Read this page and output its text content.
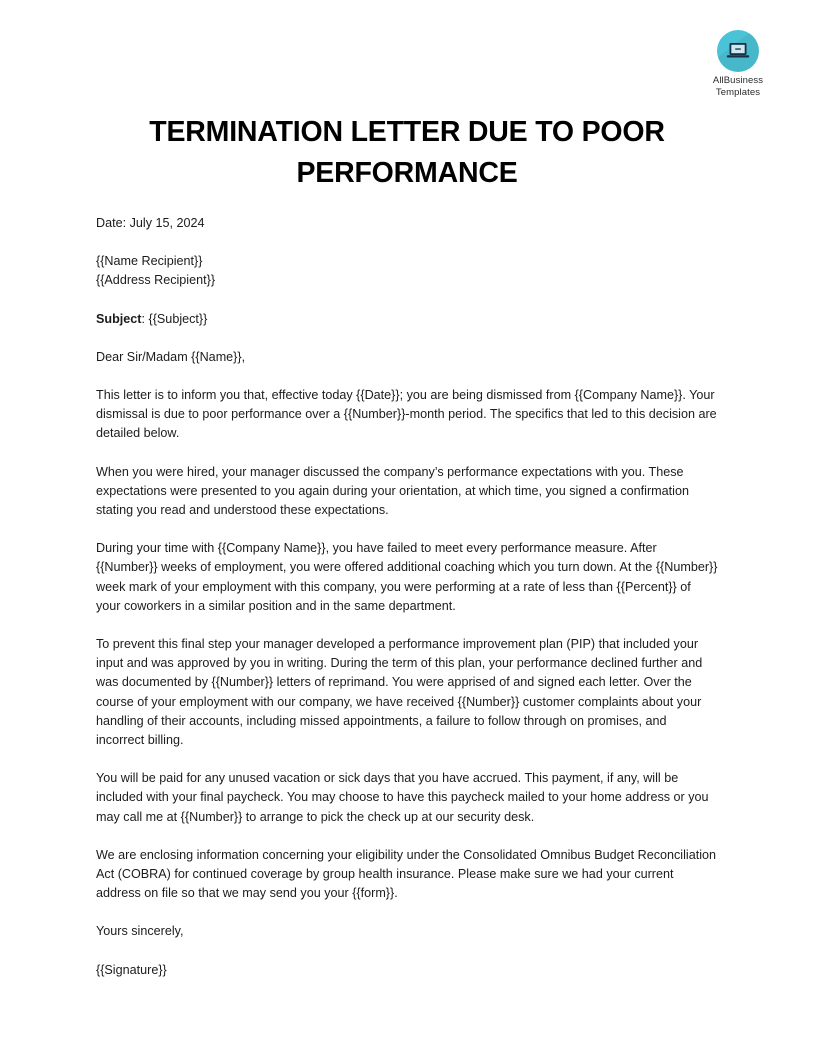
AllBusiness
Templates
TERMINATION LETTER DUE TO POOR
PERFORMANCE

Date: July 15, 2024

{{Name Recipient}}

{{Address Recipient}}

Subject: {{Subject}}

Dear Sir/Madam {{Name}},

This letter is to inform you that, effective today {{Date}}; you are being dismissed from {{Company Name}}. Your dismissal is due to poor performance over a {{Number}}-month period. The specifics that led to this decision are detailed below.

When you were hired, your manager discussed the company’s performance expectations with you. These expectations were presented to you again during your orientation, at which time, you signed a confirmation stating you read and understood these expectations.

During your time with {{Company Name}}, you have failed to meet every performance measure. After {{Number}} weeks of employment, you were offered additional coaching which you turn down. At the {{Number}} week mark of your employment with this company, you were performing at a rate of less than {{Percent}} of your coworkers in a similar position and in the same department.

To prevent this final step your manager developed a performance improvement plan (PIP) that included your input and was approved by you in writing. During the term of this plan, your performance declined further and was documented by {{Number}} letters of reprimand. You were apprised of and signed each letter. Over the course of your employment with our company, we have received {{Number}} customer complaints about your handling of their accounts, including missed appointments, a failure to follow through on promises, and incorrect billing.

You will be paid for any unused vacation or sick days that you have accrued. This payment, if any, will be included with your final paycheck. You may choose to have this paycheck mailed to your home address or you may call me at {{Number}} to arrange to pick the check up at our security desk.

We are enclosing information concerning your eligibility under the Consolidated Omnibus Budget Reconciliation Act (COBRA) for continued coverage by group health insurance. Please make sure we had your current address on file so that we may send you your {{form}}.

Yours sincerely,

{{Signature}}
